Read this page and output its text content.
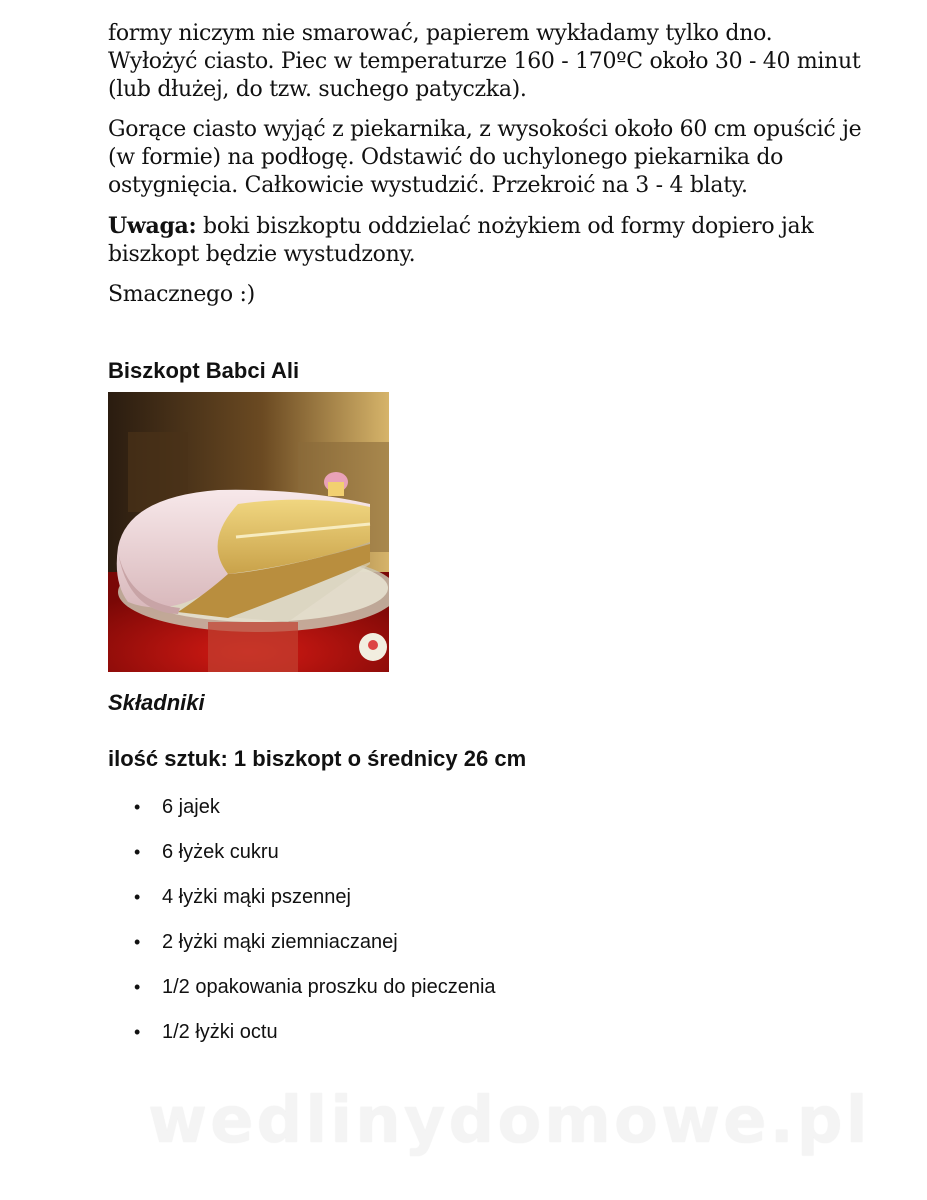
formy niczym nie smarować, papierem wykładamy tylko dno. Wyłożyć ciasto. Piec w temperaturze 160 - 170ºC około 30 - 40 minut (lub dłużej, do tzw. suchego patyczka).

Gorące ciasto wyjąć z piekarnika, z wysokości około 60 cm opuścić je (w formie) na podłogę. Odstawić do uchylonego piekarnika do ostygnięcia. Całkowicie wystudzić. Przekroić na 3 - 4 blaty.

Uwaga: boki biszkoptu oddzielać nożykiem od formy dopiero jak biszkopt będzie wystudzony.

Smacznego :)

Biszkopt Babci Ali
Składniki

ilość sztuk: 1 biszkopt o średnicy 26 cm

• 6 jajek
• 6 łyżek cukru
• 4 łyżki mąki pszennej
• 2 łyżki mąki ziemniaczanej
• 1/2 opakowania proszku do pieczenia
• 1/2 łyżki octu
wedlinydomowe.pl
